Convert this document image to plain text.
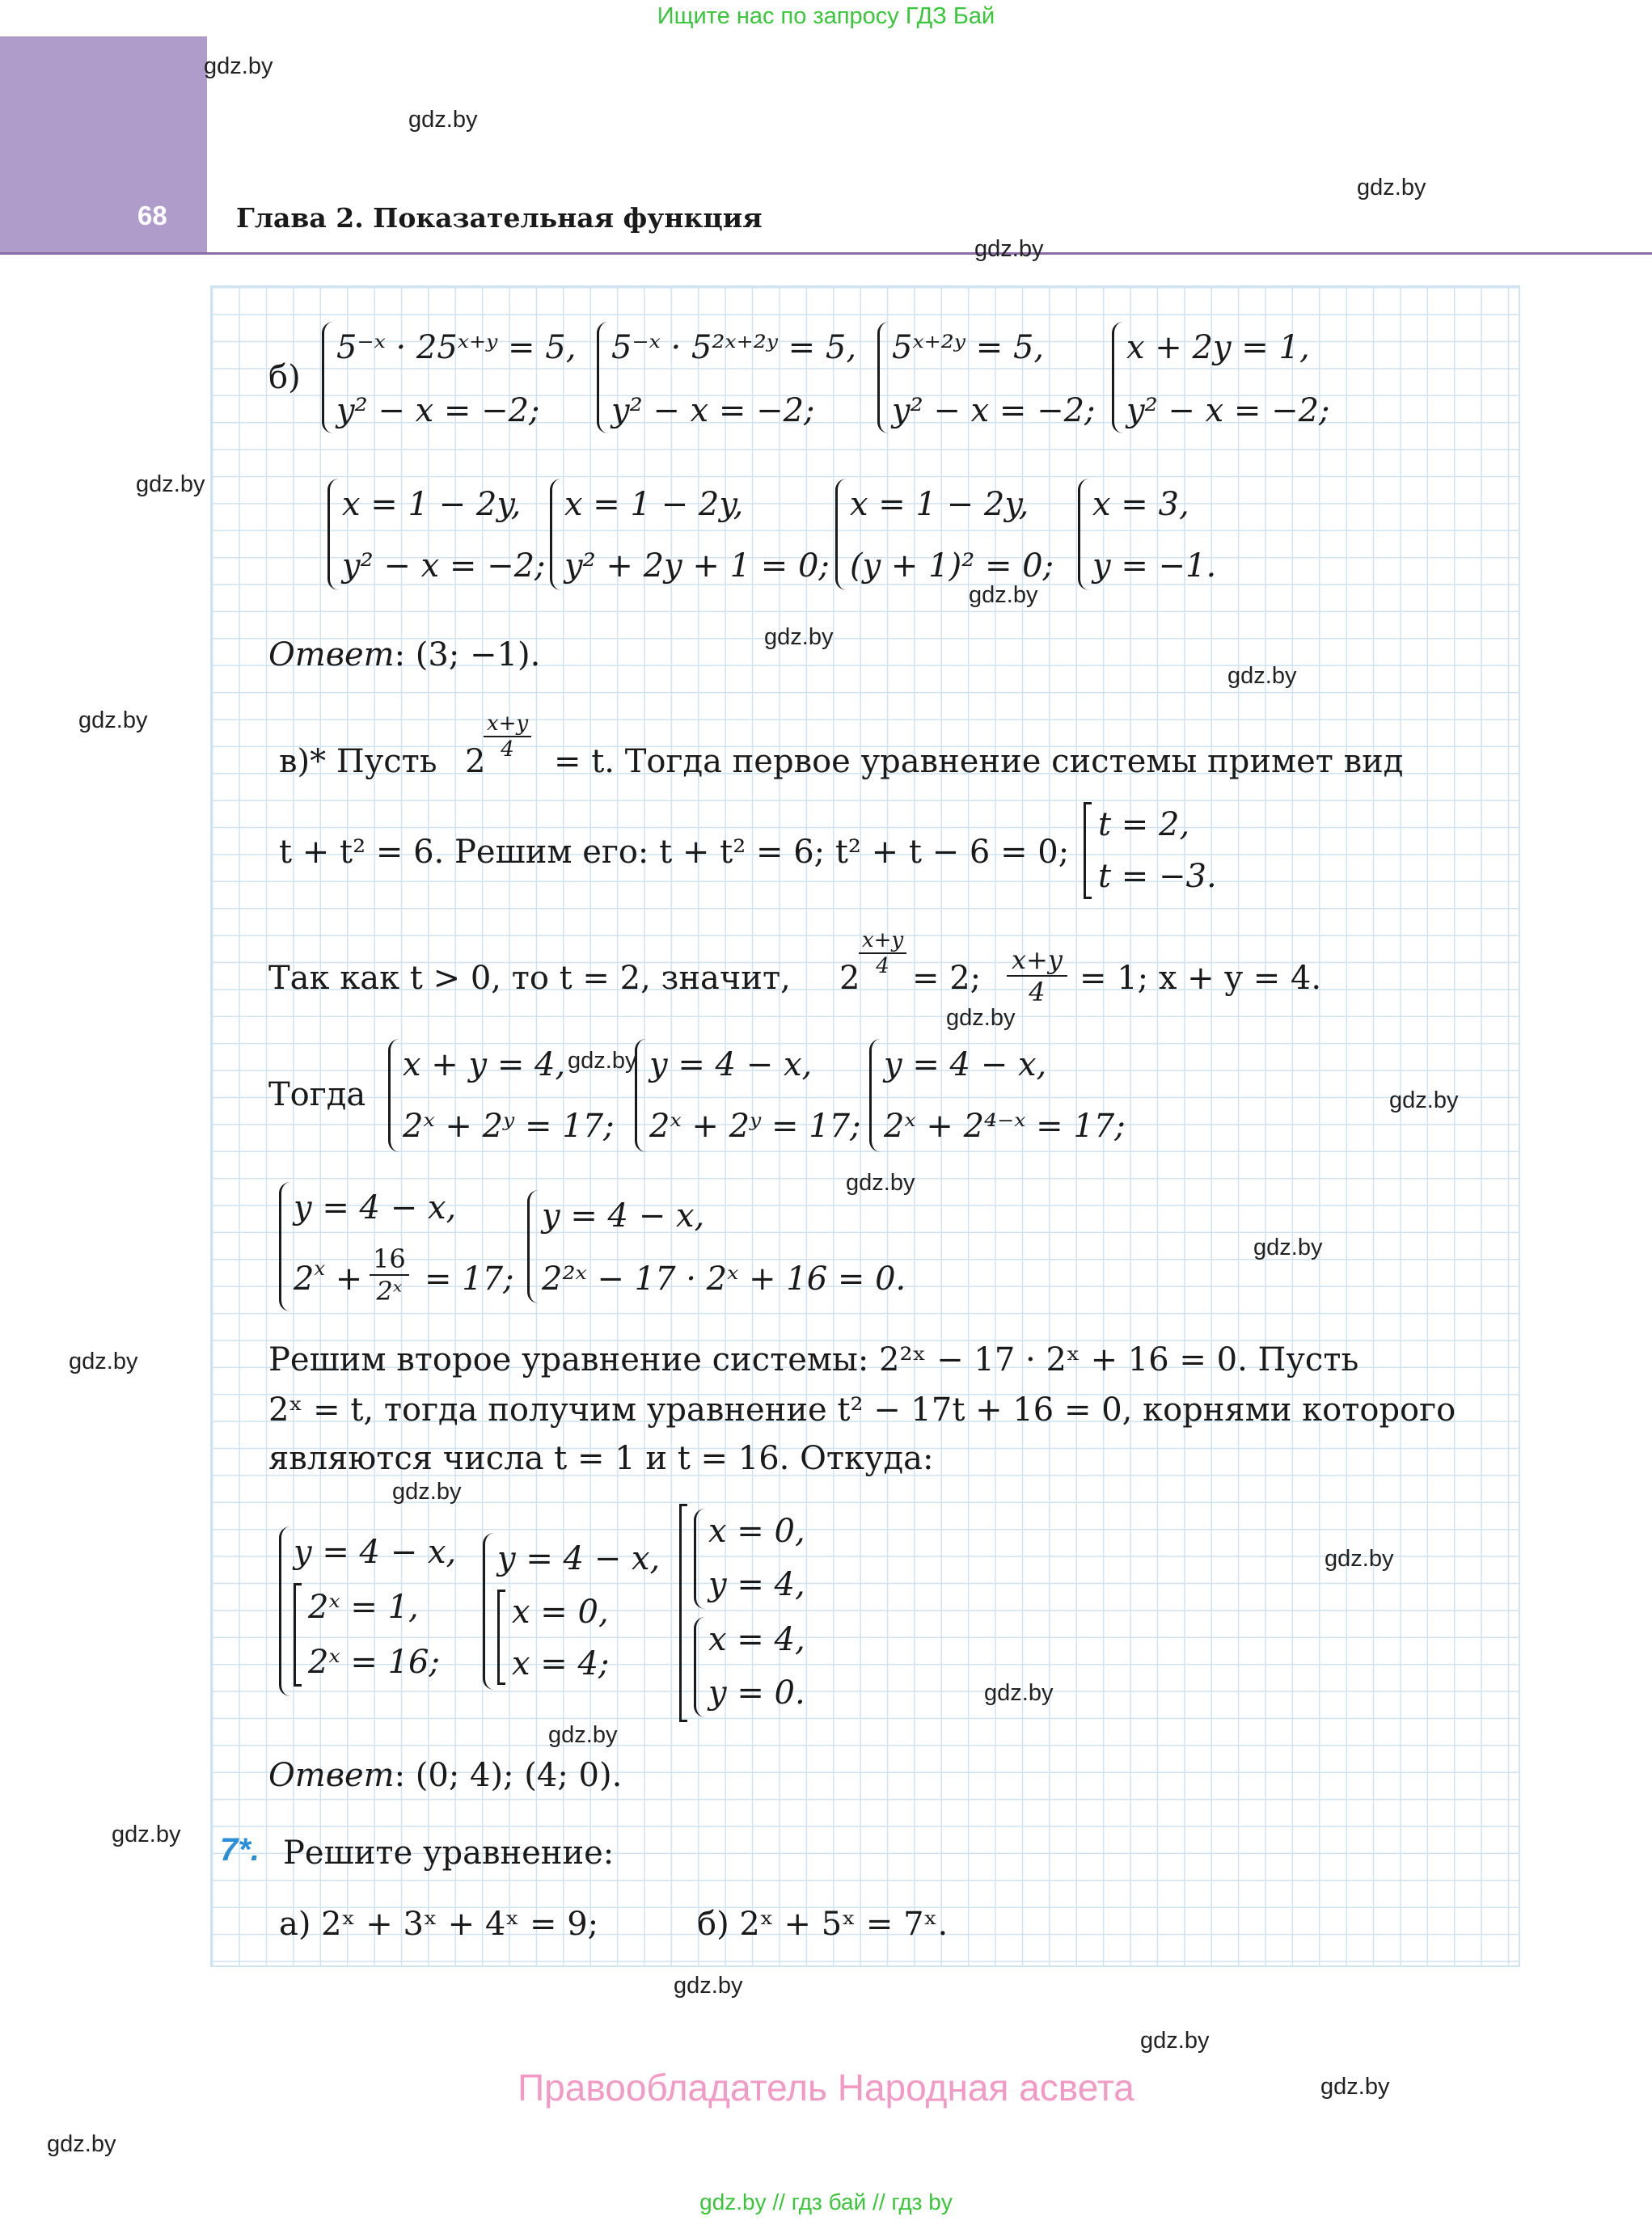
Ищите нас по запросу ГДЗ Бай
68	Глава 2. Показательная функция
gdz.by
gdz.by
gdz.by
gdz.by
gdz.by
gdz.by
gdz.by
gdz.by
gdz.by
gdz.by
gdz.by
gdz.by
gdz.by
gdz.by
gdz.by
gdz.by
gdz.by
gdz.by
gdz.by
gdz.by
gdz.by
gdz.by
gdz.by
gdz.by
б)
5⁻ˣ · 25ˣ⁺ʸ = 5,
y² − x = −2;
5⁻ˣ · 5²ˣ⁺²ʸ = 5,
y² − x = −2;
5ˣ⁺²ʸ = 5,
y² − x = −2;
x + 2y = 1,
y² − x = −2;
x = 1 − 2y,
y² − x = −2;
x = 1 − 2y,
y² + 2y + 1 = 0;
x = 1 − 2y,
(y + 1)² = 0;
x = 3,
y = −1.
Ответ: (3; −1).
в)* Пусть 2
$\frac{x+y}{4} = t$. Тогда первое уравнение системы примет вид
t + t² = 6. Решим его: t + t² = 6; t² + t − 6 = 0;
t = 2,
t = −3.
Так как t > 0, то t = 2, значит, 2
$\frac{x+y}{4} = 2$; $\frac{x+y}{4} = 1$; x + y = 4.
Тогда
x + y = 4,
2ˣ + 2ʸ = 17;
y = 4 − x,
2ˣ + 2ʸ = 17;
y = 4 − x,
2ˣ + 2⁴⁻ˣ = 17;
y = 4 − x,
$2^x + \frac{16}{\text{2ˣ}} = 17$;
y = 4 − x,
2²ˣ − 17 · 2ˣ + 16 = 0.
Решим второе уравнение системы: 2²ˣ − 17 · 2ˣ + 16 = 0. Пусть
2ˣ = t, тогда получим уравнение t² − 17t + 16 = 0, корнями которого
являются числа t = 1 и t = 16. Откуда:
y = 4 − x,
2ˣ = 1,
2ˣ = 16;
y = 4 − x,
x = 0,
x = 4;
x = 0,
y = 4,
x = 4,
y = 0.
Ответ: (0; 4); (4; 0).
7*. Решите уравнение:
а) 2ˣ + 3ˣ + 4ˣ = 9;	б) 2ˣ + 5ˣ = 7ˣ.
Правообладатель Народная асвета
gdz.by // гдз бай // гдз by
